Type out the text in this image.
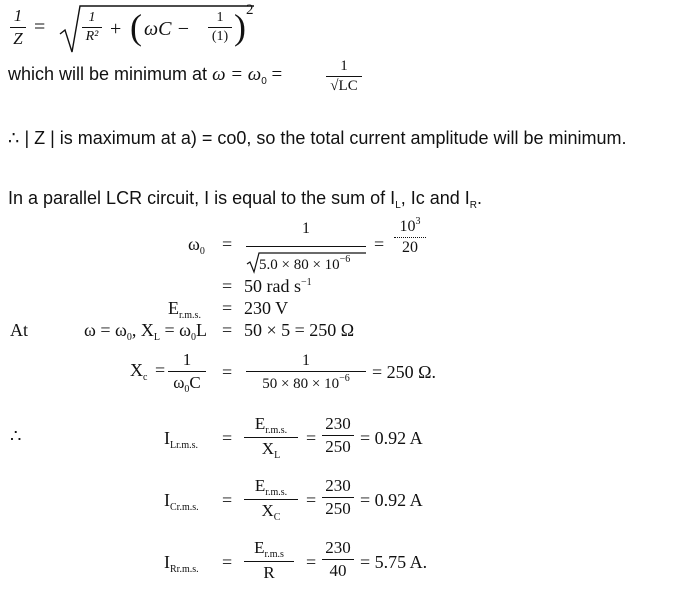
1
Z
=	1
R² + ( ωC −
1
(1) ) 2
which will be minimum at $\omega = \omega_0$ =	1
√LC
∴ | Z | is maximum at a) = co0, so the total current amplitude will be minimum.
In a parallel LCR circuit, I is equal to the sum of $I_L$, Ic and $I_R$.
$\omega_0$ =
1
$5.0 \times 80 \times 10^{-6}$
=
$10^3$
20
= 50 rad $s^{-1}$
$E_{r.m.s.} = 230$ V
At	$\omega = \omega_0$, $X_L = \omega_0L = 50 \times 5 = 250$ Ω
$X_c$ =
1
$\omega_0C$
=
1
$50 \times 80 \times 10^{-6}$	= 250 Ω.
∴	$I_{Lr.m.s.}$ =
$E_{r.m.s.}$
$X_L$
=
230
250 = 0.92 A
$I_{Cr.m.s.}$ =
$E_{r.m.s.}$
$X_C$
=
230
250 = 0.92 A
$I_{Rr.m.s.}$ =
$E_{r.m.s}$
R
=
230
40 = 5.75 A.
